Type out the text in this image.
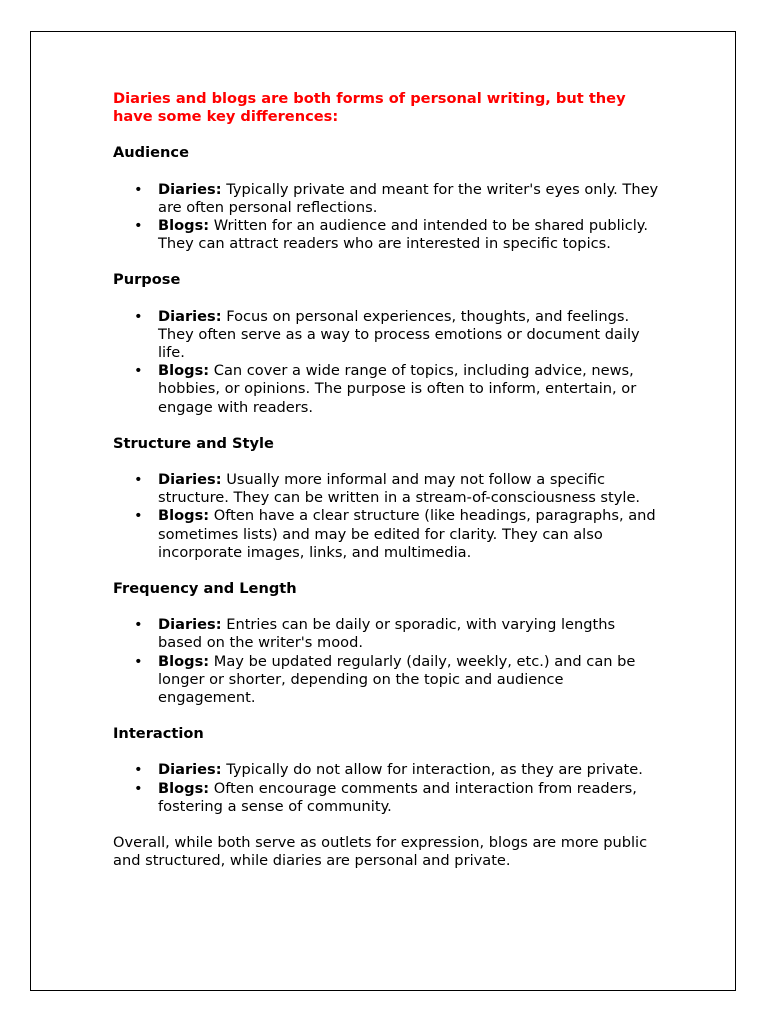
Diaries and blogs are both forms of personal writing, but they have some key differences:

Audience

• Diaries: Typically private and meant for the writer's eyes only. They are often personal reflections.
• Blogs: Written for an audience and intended to be shared publicly. They can attract readers who are interested in specific topics.

Purpose

• Diaries: Focus on personal experiences, thoughts, and feelings. They often serve as a way to process emotions or document daily life.
• Blogs: Can cover a wide range of topics, including advice, news, hobbies, or opinions. The purpose is often to inform, entertain, or engage with readers.

Structure and Style

• Diaries: Usually more informal and may not follow a specific structure. They can be written in a stream-of-consciousness style.
• Blogs: Often have a clear structure (like headings, paragraphs, and sometimes lists) and may be edited for clarity. They can also incorporate images, links, and multimedia.

Frequency and Length

• Diaries: Entries can be daily or sporadic, with varying lengths based on the writer's mood.
• Blogs: May be updated regularly (daily, weekly, etc.) and can be longer or shorter, depending on the topic and audience engagement.

Interaction

• Diaries: Typically do not allow for interaction, as they are private.
• Blogs: Often encourage comments and interaction from readers, fostering a sense of community.

Overall, while both serve as outlets for expression, blogs are more public and structured, while diaries are personal and private.
